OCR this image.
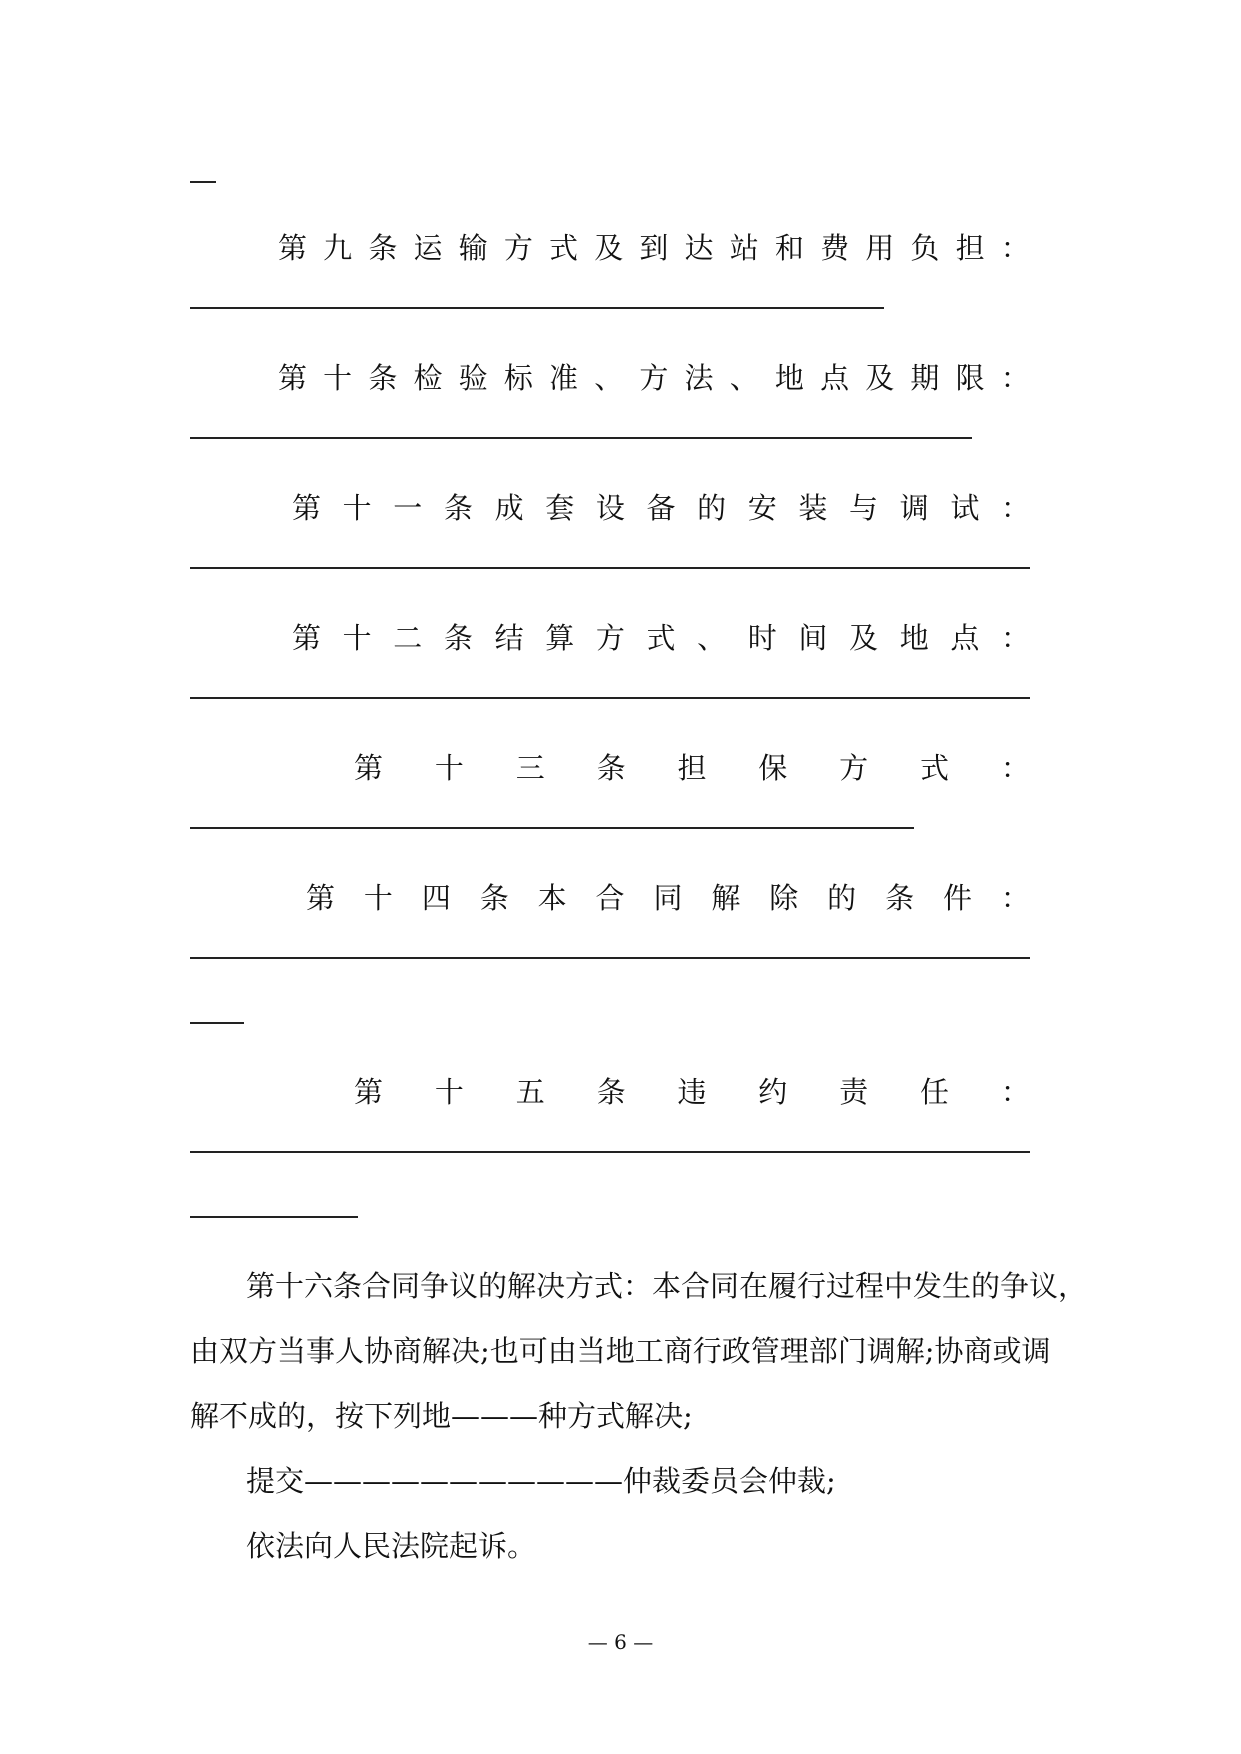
第 九 条 运 输 方 式 及 到 达 站 和 费 用 负 担 ：
第 十 条 检 验 标 准 、 方 法 、 地 点 及 期 限 ：
第 十 一 条 成 套 设 备 的 安 装 与 调 试 ：
第 十 二 条 结 算 方 式 、 时 间 及 地 点 ：
第 十 三 条 担 保 方 式 ：
第 十 四 条 本 合 同 解 除 的 条 件 ：
第 十 五 条 违 约 责 任 ：
第十六条合同争议的解决方式：本合同在履行过程中发生的争议，
由双方当事人协商解决;也可由当地工商行政管理部门调解;协商或调
解不成的，按下列地———种方式解决;
提交———————————仲裁委员会仲裁;
依法向人民法院起诉。
— 6 —
